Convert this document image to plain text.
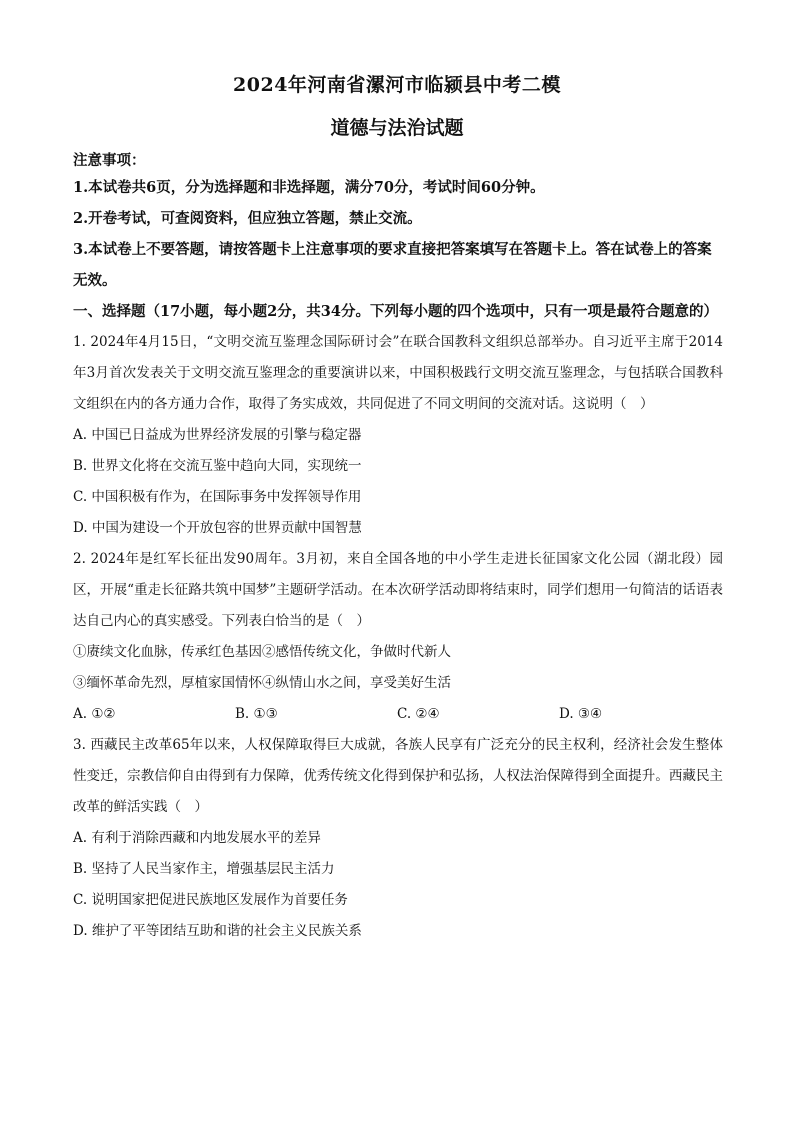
2024年河南省漯河市临颍县中考二模
道德与法治试题
注意事项：
1.本试卷共6页，分为选择题和非选择题，满分70分，考试时间60分钟。
2.开卷考试，可查阅资料，但应独立答题，禁止交流。
3.本试卷上不要答题，请按答题卡上注意事项的要求直接把答案填写在答题卡上。答在试卷上的答案无效。
一、选择题（17小题，每小题2分，共34分。下列每小题的四个选项中，只有一项是最符合题意的）
1. 2024年4月15日，“文明交流互鉴理念国际研讨会”在联合国教科文组织总部举办。自习近平主席于2014年3月首次发表关于文明交流互鉴理念的重要演讲以来，中国积极践行文明交流互鉴理念，与包括联合国教科文组织在内的各方通力合作，取得了务实成效，共同促进了不同文明间的交流对话。这说明（　）
A. 中国已日益成为世界经济发展的引擎与稳定器
B. 世界文化将在交流互鉴中趋向大同，实现统一
C. 中国积极有作为，在国际事务中发挥领导作用
D. 中国为建设一个开放包容的世界贡献中国智慧
2. 2024年是红军长征出发90周年。3月初，来自全国各地的中小学生走进长征国家文化公园（湖北段）园区，开展“重走长征路共筑中国梦”主题研学活动。在本次研学活动即将结束时，同学们想用一句简洁的话语表达自己内心的真实感受。下列表白恰当的是（　）
①赓续文化血脉，传承红色基因②感悟传统文化，争做时代新人
③缅怀革命先烈，厚植家国情怀④纵情山水之间，享受美好生活
A. ①②	B. ①③	C. ②④	D. ③④
3. 西藏民主改革65年以来，人权保障取得巨大成就，各族人民享有广泛充分的民主权利，经济社会发生整体性变迁，宗教信仰自由得到有力保障，优秀传统文化得到保护和弘扬，人权法治保障得到全面提升。西藏民主改革的鲜活实践（　）
A. 有利于消除西藏和内地发展水平的差异
B. 坚持了人民当家作主，增强基层民主活力
C. 说明国家把促进民族地区发展作为首要任务
D. 维护了平等团结互助和谐的社会主义民族关系
